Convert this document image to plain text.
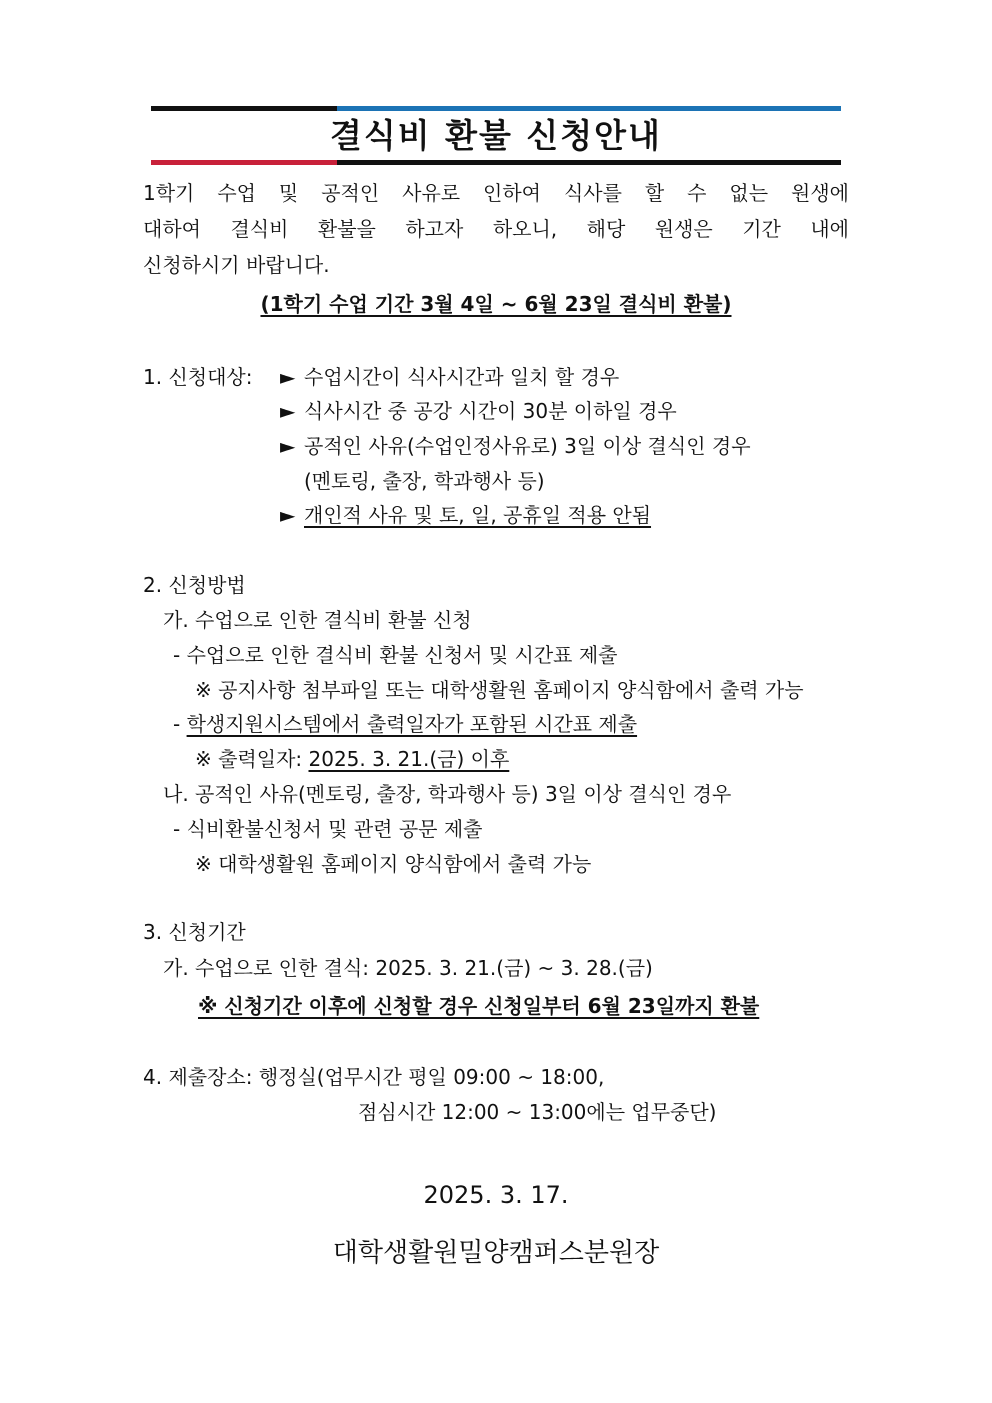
결식비 환불 신청안내
1학기 수업 및 공적인 사유로 인하여 식사를 할 수 없는 원생에
대하여 결식비 환불을 하고자 하오니, 해당 원생은 기간 내에
신청하시기 바랍니다.
(1학기 수업 기간 3월 4일 ~ 6월 23일 결식비 환불)
1. 신청대상: ► 수업시간이 식사시간과 일치 할 경우
► 식사시간 중 공강 시간이 30분 이하일 경우
► 공적인 사유(수업인정사유로) 3일 이상 결식인 경우
(멘토링, 출장, 학과행사 등)
► 개인적 사유 및 토, 일, 공휴일 적용 안됨
2. 신청방법
가. 수업으로 인한 결식비 환불 신청
- 수업으로 인한 결식비 환불 신청서 및 시간표 제출
※ 공지사항 첨부파일 또는 대학생활원 홈페이지 양식함에서 출력 가능
- 학생지원시스템에서 출력일자가 포함된 시간표 제출
※ 출력일자: 2025. 3. 21.(금) 이후
나. 공적인 사유(멘토링, 출장, 학과행사 등) 3일 이상 결식인 경우
- 식비환불신청서 및 관련 공문 제출
※ 대학생활원 홈페이지 양식함에서 출력 가능
3. 신청기간
가. 수업으로 인한 결식: 2025. 3. 21.(금) ~ 3. 28.(금)
※ 신청기간 이후에 신청할 경우 신청일부터 6월 23일까지 환불
4. 제출장소: 행정실(업무시간 평일 09:00 ~ 18:00,
점심시간 12:00 ~ 13:00에는 업무중단)
2025. 3. 17.
대학생활원밀양캠퍼스분원장
